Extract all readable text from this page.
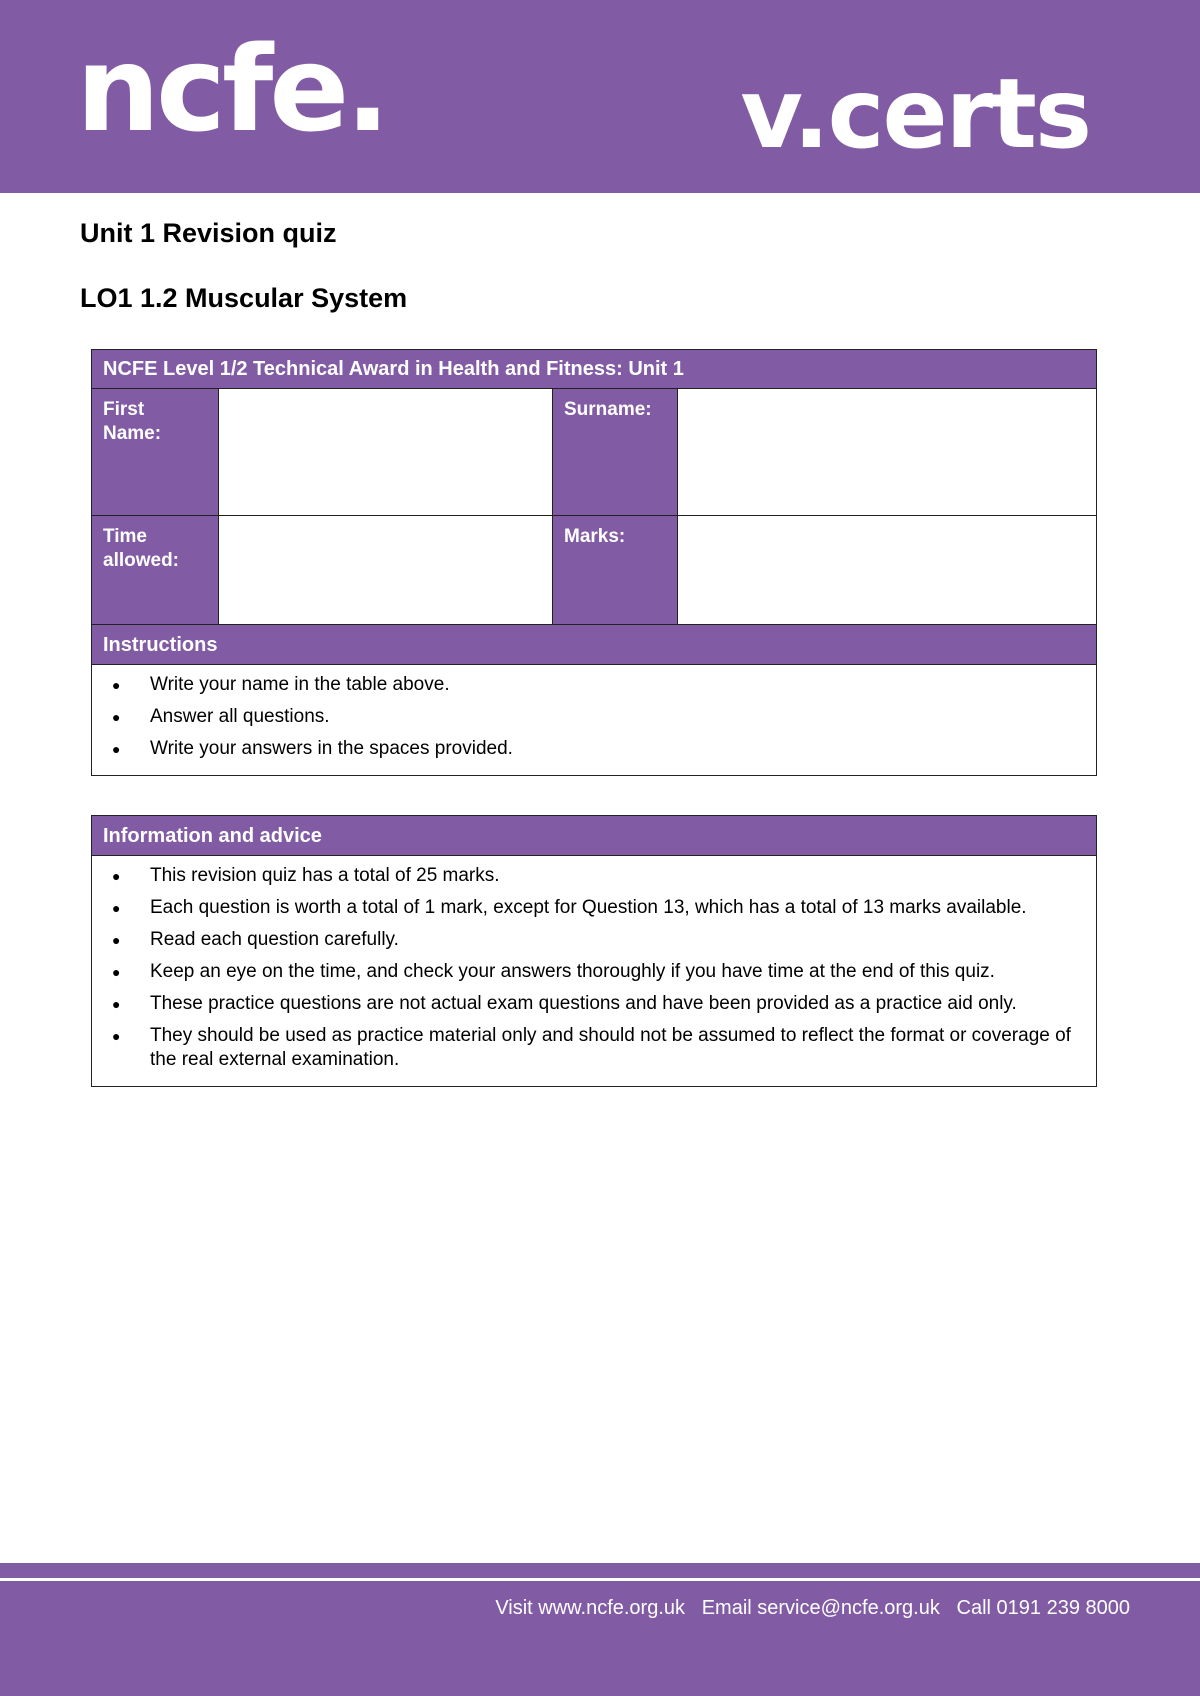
ncfe.	v.certs
Unit 1 Revision quiz
LO1 1.2 Muscular System
NCFE Level 1/2 Technical Award in Health and Fitness: Unit 1			
First
Name:		Surname:	
Time
allowed:		Marks:	
Instructions
● Write your name in the table above.
● Answer all questions.
● Write your answers in the spaces provided.
Information and advice
● This revision quiz has a total of 25 marks.
● Each question is worth a total of 1 mark, except for Question 13, which has a total of 13 marks available.
● Read each question carefully.
● Keep an eye on the time, and check your answers thoroughly if you have time at the end of this quiz.
● These practice questions are not actual exam questions and have been provided as a practice aid only.
● They should be used as practice material only and should not be assumed to reflect the format or coverage of the real external examination.
Visit www.ncfe.org.uk   Email service@ncfe.org.uk   Call 0191 239 8000
